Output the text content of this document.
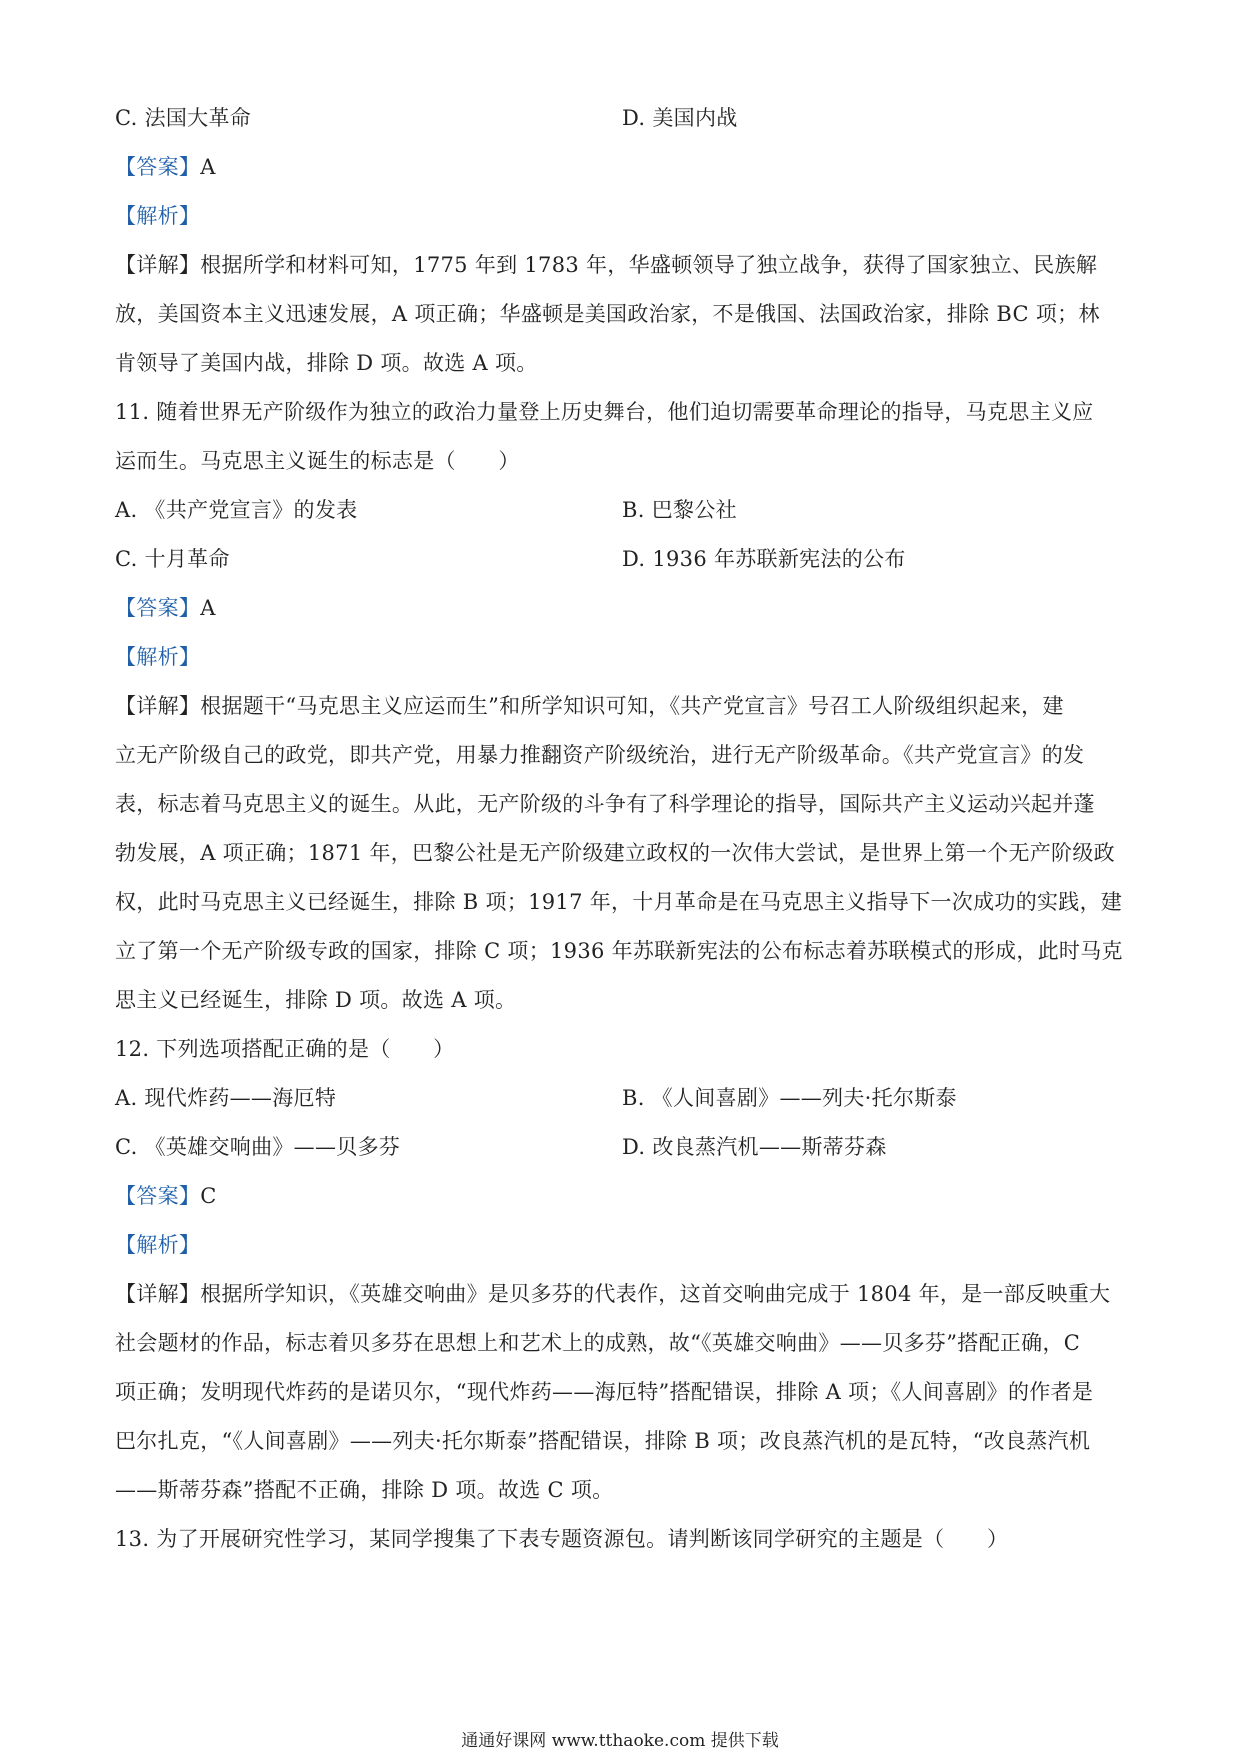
C. 法国大革命	D. 美国内战
【答案】A
【解析】
【详解】根据所学和材料可知，1775 年到 1783 年，华盛顿领导了独立战争，获得了国家独立、民族解
放，美国资本主义迅速发展，A 项正确；华盛顿是美国政治家，不是俄国、法国政治家，排除 BC 项；林
肯领导了美国内战，排除 D 项。故选 A 项。
11. 随着世界无产阶级作为独立的政治力量登上历史舞台，他们迫切需要革命理论的指导，马克思主义应
运而生。马克思主义诞生的标志是（　　）
A. 《共产党宣言》的发表	B. 巴黎公社
C. 十月革命	D. 1936 年苏联新宪法的公布
【答案】A
【解析】
【详解】根据题干“马克思主义应运而生”和所学知识可知，《共产党宣言》号召工人阶级组织起来，建
立无产阶级自己的政党，即共产党，用暴力推翻资产阶级统治，进行无产阶级革命。《共产党宣言》的发
表，标志着马克思主义的诞生。从此，无产阶级的斗争有了科学理论的指导，国际共产主义运动兴起并蓬
勃发展，A 项正确；1871 年，巴黎公社是无产阶级建立政权的一次伟大尝试，是世界上第一个无产阶级政
权，此时马克思主义已经诞生，排除 B 项；1917 年，十月革命是在马克思主义指导下一次成功的实践，建
立了第一个无产阶级专政的国家，排除 C 项；1936 年苏联新宪法的公布标志着苏联模式的形成，此时马克
思主义已经诞生，排除 D 项。故选 A 项。
12. 下列选项搭配正确的是（　　）
A. 现代炸药——海厄特	B. 《人间喜剧》——列夫·托尔斯泰
C. 《英雄交响曲》——贝多芬	D. 改良蒸汽机——斯蒂芬森
【答案】C
【解析】
【详解】根据所学知识，《英雄交响曲》是贝多芬的代表作，这首交响曲完成于 1804 年，是一部反映重大
社会题材的作品，标志着贝多芬在思想上和艺术上的成熟，故“《英雄交响曲》——贝多芬”搭配正确，C
项正确；发明现代炸药的是诺贝尔，“现代炸药——海厄特”搭配错误，排除 A 项；《人间喜剧》的作者是
巴尔扎克，“《人间喜剧》——列夫·托尔斯泰”搭配错误，排除 B 项；改良蒸汽机的是瓦特，“改良蒸汽机
——斯蒂芬森”搭配不正确，排除 D 项。故选 C 项。
13. 为了开展研究性学习，某同学搜集了下表专题资源包。请判断该同学研究的主题是（　　）
通通好课网 www.tthaoke.com 提供下载
